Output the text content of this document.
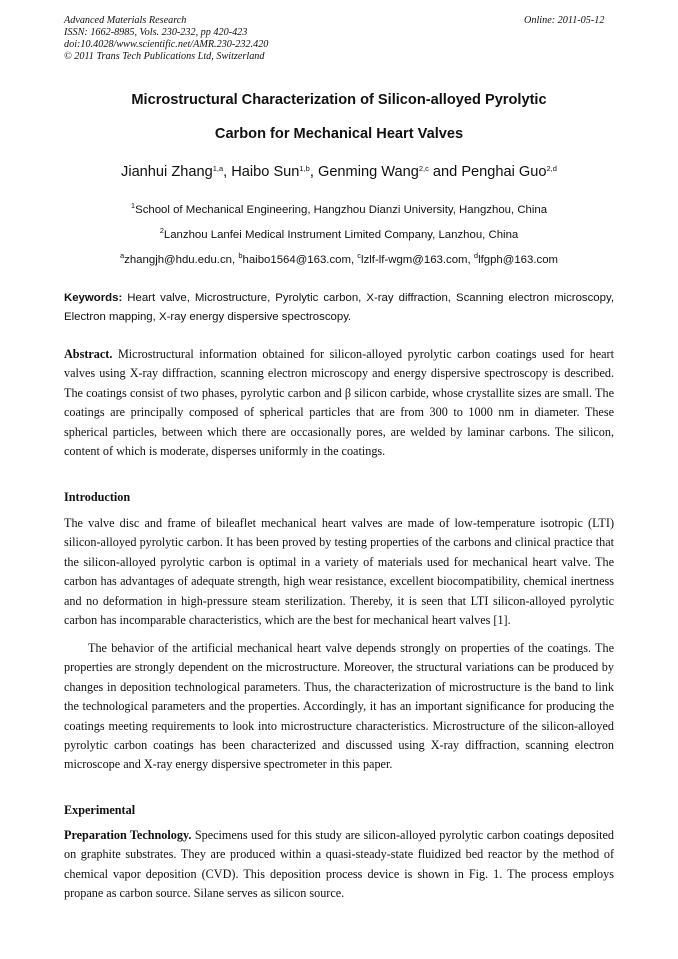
Advanced Materials Research
ISSN: 1662-8985, Vols. 230-232, pp 420-423
doi:10.4028/www.scientific.net/AMR.230-232.420
© 2011 Trans Tech Publications Ltd, Switzerland
Online: 2011-05-12
Microstructural Characterization of Silicon-alloyed Pyrolytic
Carbon for Mechanical Heart Valves
Jianhui Zhang$^{1,a}$, Haibo Sun$^{1,b}$, Genming Wang$^{2,c}$ and Penghai Guo$^{2,d}$
$^1$School of Mechanical Engineering, Hangzhou Dianzi University, Hangzhou, China
$^2$Lanzhou Lanfei Medical Instrument Limited Company, Lanzhou, China
$^a$zhangjh@hdu.edu.cn, $^b$haibo1564@163.com, $^c$lzlf-lf-wgm@163.com, $^d$lfgph@163.com
Keywords: Heart valve, Microstructure, Pyrolytic carbon, X-ray diffraction, Scanning electron microscopy, Electron mapping, X-ray energy dispersive spectroscopy.
Abstract. Microstructural information obtained for silicon-alloyed pyrolytic carbon coatings used for heart valves using X-ray diffraction, scanning electron microscopy and energy dispersive spectroscopy is described. The coatings consist of two phases, pyrolytic carbon and β silicon carbide, whose crystallite sizes are small. The coatings are principally composed of spherical particles that are from 300 to 1000 nm in diameter. These spherical particles, between which there are occasionally pores, are welded by laminar carbons. The silicon, content of which is moderate, disperses uniformly in the coatings.
Introduction
The valve disc and frame of bileaflet mechanical heart valves are made of low-temperature isotropic (LTI) silicon-alloyed pyrolytic carbon. It has been proved by testing properties of the carbons and clinical practice that the silicon-alloyed pyrolytic carbon is optimal in a variety of materials used for mechanical heart valve. The carbon has advantages of adequate strength, high wear resistance, excellent biocompatibility, chemical inertness and no deformation in high-pressure steam sterilization. Thereby, it is seen that LTI silicon-alloyed pyrolytic carbon has incomparable characteristics, which are the best for mechanical heart valves [1].
The behavior of the artificial mechanical heart valve depends strongly on properties of the coatings. The properties are strongly dependent on the microstructure. Moreover, the structural variations can be produced by changes in deposition technological parameters. Thus, the characterization of microstructure is the band to link the technological parameters and the properties. Accordingly, it has an important significance for producing the coatings meeting requirements to look into microstructure characteristics. Microstructure of the silicon-alloyed pyrolytic carbon coatings has been characterized and discussed using X-ray diffraction, scanning electron microscope and X-ray energy dispersive spectrometer in this paper.
Experimental
Preparation Technology. Specimens used for this study are silicon-alloyed pyrolytic carbon coatings deposited on graphite substrates. They are produced within a quasi-steady-state fluidized bed reactor by the method of chemical vapor deposition (CVD). This deposition process device is shown in Fig. 1. The process employs propane as carbon source. Silane serves as silicon source.
